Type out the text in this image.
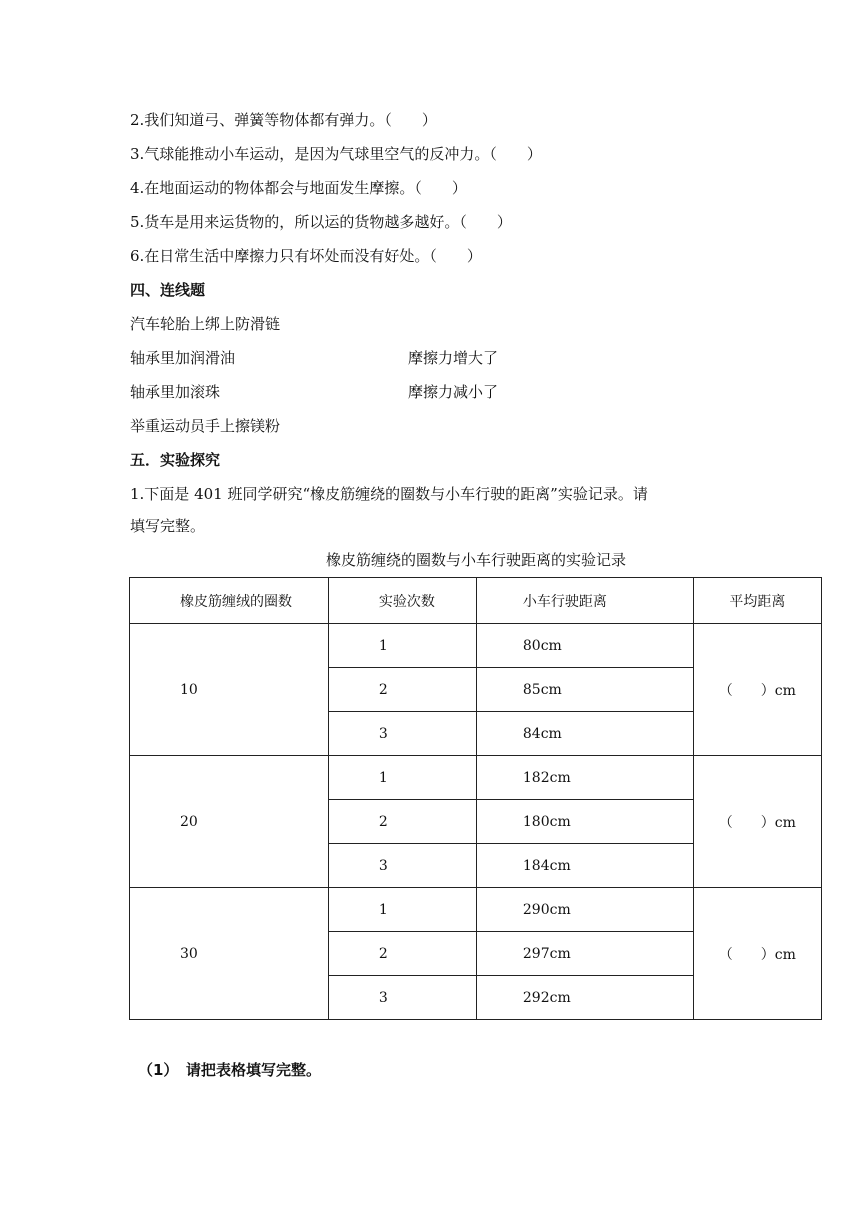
2.我们知道弓、弹簧等物体都有弹力。（　　）
3.气球能推动小车运动，是因为气球里空气的反冲力。（　　）
4.在地面运动的物体都会与地面发生摩擦。（　　）
5.货车是用来运货物的，所以运的货物越多越好。（　　）
6.在日常生活中摩擦力只有坏处而没有好处。（　　）
四、连线题
汽车轮胎上绑上防滑链
轴承里加润滑油	摩擦力增大了
轴承里加滚珠	摩擦力减小了
举重运动员手上擦镁粉
五．实验探究
1.下面是 401 班同学研究“橡皮筋缠绕的圈数与小车行驶的距离”实验记录。请
填写完整。
橡皮筋缠绕的圈数与小车行驶距离的实验记录
橡皮筋缠绒的圈数	实验次数	小车行驶距离	平均距离
10	1	80cm	（　　）cm
	2	85cm	
	3	84cm	
20	1	182cm	（　　）cm
	2	180cm	
	3	184cm	
30	1	290cm	（　　）cm
	2	297cm	
	3	292cm	
（1）　请把表格填写完整。
